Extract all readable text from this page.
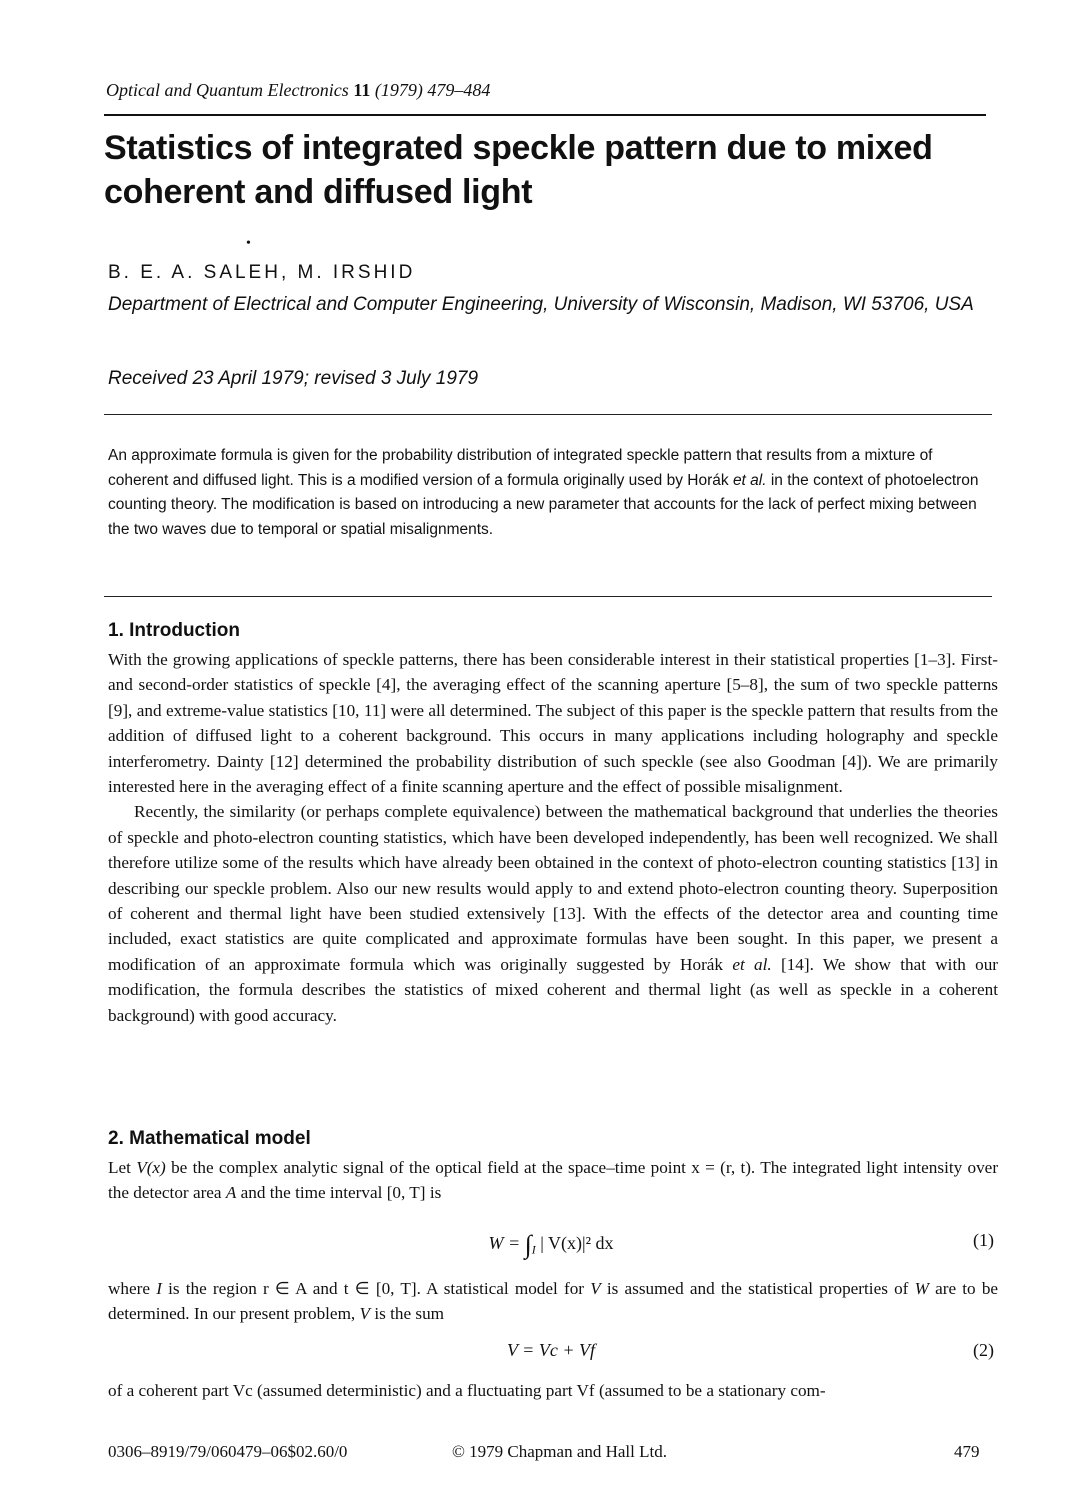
Optical and Quantum Electronics 11 (1979) 479–484
Statistics of integrated speckle pattern due to mixed coherent and diffused light
•
B. E. A. SALEH, M. IRSHID
Department of Electrical and Computer Engineering, University of Wisconsin, Madison, WI 53706, USA
Received 23 April 1979; revised 3 July 1979

An approximate formula is given for the probability distribution of integrated speckle pattern that results from a mixture of coherent and diffused light. This is a modified version of a formula originally used by Horák et al. in the context of photoelectron counting theory. The modification is based on introducing a new parameter that accounts for the lack of perfect mixing between the two waves due to temporal or spatial misalignments.

1. Introduction

With the growing applications of speckle patterns, there has been considerable interest in their statistical properties [1–3]. First- and second-order statistics of speckle [4], the averaging effect of the scanning aperture [5–8], the sum of two speckle patterns [9], and extreme-value statistics [10, 11] were all determined. The subject of this paper is the speckle pattern that results from the addition of diffused light to a coherent background. This occurs in many applications including holography and speckle interferometry. Dainty [12] determined the probability distribution of such speckle (see also Goodman [4]). We are primarily interested here in the averaging effect of a finite scanning aperture and the effect of possible misalignment.

Recently, the similarity (or perhaps complete equivalence) between the mathematical background that underlies the theories of speckle and photo-electron counting statistics, which have been developed independently, has been well recognized. We shall therefore utilize some of the results which have already been obtained in the context of photo-electron counting statistics [13] in describing our speckle problem. Also our new results would apply to and extend photo-electron counting theory. Superposition of coherent and thermal light have been studied extensively [13]. With the effects of the detector area and counting time included, exact statistics are quite complicated and approximate formulas have been sought. In this paper, we present a modification of an approximate formula which was originally suggested by Horák et al. [14]. We show that with our modification, the formula describes the statistics of mixed coherent and thermal light (as well as speckle in a coherent background) with good accuracy.

2. Mathematical model

Let V(x) be the complex analytic signal of the optical field at the space–time point x = (r, t). The integrated light intensity over the detector area A and the time interval [0, T] is

$W = \int_I$ | V(x)|² dx	(1)

where I is the region r ∈ A and t ∈ [0, T]. A statistical model for V is assumed and the statistical properties of W are to be determined. In our present problem, V is the sum

V = Vc + Vf	(2)
of a coherent part Vc (assumed deterministic) and a fluctuating part Vf (assumed to be a stationary com-
0306–8919/79/060479–06$02.60/0	© 1979 Chapman and Hall Ltd.	479
